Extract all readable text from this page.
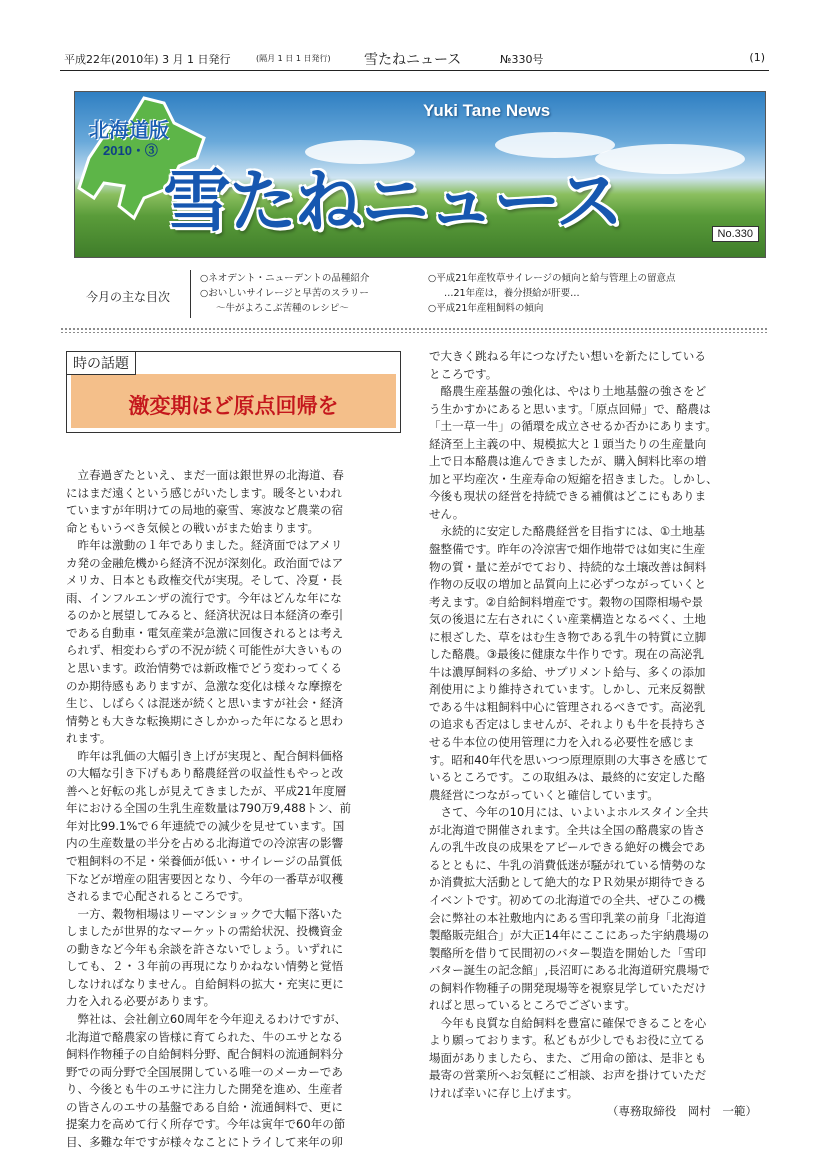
平成22年(2010年) 3 月 1 日発行	(隔月 1 日 1 日発行) 雪たねニュース	№330号	(1)
北海道版
2010・③
Yuki Tane News
雪たねニュース	No.330
今月の主な目次
○ネオデント・ニューデントの品種紹介
○おいしいサイレージと早苦のスラリー
〜牛がよろこぶ苦種のレシピ〜
○平成21年産牧草サイレージの傾向と給与管理上の留意点
…21年産は，養分摂給が肝要…
○平成21年産粗飼料の傾向
時の話題
激変期ほど原点回帰を

　立春過ぎたといえ、まだ一面は銀世界の北海道、春

にはまだ遠くという感じがいたします。暖冬といわれ

ていますが年明けての局地的豪雪、寒波など農業の宿

命ともいうべき気候との戦いがまた始まります。

　昨年は激動の１年でありました。経済面ではアメリ

カ発の金融危機から経済不況が深刻化。政治面ではア

メリカ、日本とも政権交代が実現。そして、冷夏・長

雨、インフルエンザの流行です。今年はどんな年にな

るのかと展望してみると、経済状況は日本経済の牽引

である自動車・電気産業が急激に回復されるとは考え

られず、相変わらずの不況が続く可能性が大きいもの

と思います。政治情勢では新政権でどう変わってくる

のか期待感もありますが、急激な変化は様々な摩擦を

生じ、しばらくは混迷が続くと思いますが社会・経済

情勢とも大きな転換期にさしかかった年になると思わ

れます。

　昨年は乳価の大幅引き上げが実現と、配合飼料価格

の大幅な引き下げもあり酪農経営の収益性もやっと改

善へと好転の兆しが見えてきましたが、平成21年度層

年における全国の生乳生産数量は790万9,488トン、前

年対比99.1%で６年連続での減少を見せています。国

内の生産数量の半分を占める北海道での冷涼害の影響

で粗飼料の不足・栄養価が低い・サイレージの品質低

下などが増産の阻害要因となり、今年の一番草が収穫

されるまで心配されるところです。

　一方、穀物相場はリーマンショックで大幅下落いた

しましたが世界的なマーケットの需給状況、投機資金

の動きなど今年も余談を許さないでしょう。いずれに

しても、２・３年前の再現になりかねない情勢と覚悟

しなければなりません。自給飼料の拡大・充実に更に

力を入れる必要があります。

　弊社は、会社創立60周年を今年迎えるわけですが、

北海道で酪農家の皆様に育てられた、牛のエサとなる

飼料作物種子の自給飼料分野、配合飼料の流通飼料分

野での両分野で全国展開している唯一のメーカーであ

り、今後とも牛のエサに注力した開発を進め、生産者

の皆さんのエサの基盤である自給・流通飼料で、更に

提案力を高めて行く所存です。今年は寅年で60年の節

目、多難な年ですが様々なことにトライして来年の卯

で大きく跳ねる年につなげたい想いを新たにしている

ところです。

　酪農生産基盤の強化は、やはり土地基盤の強さをど

う生かすかにあると思います。「原点回帰」で、酪農は

「土一草一牛」の循環を成立させるか否かにあります。

経済至上主義の中、規模拡大と１頭当たりの生産量向

上で日本酪農は進んできましたが、購入飼料比率の増

加と平均産次・生産寿命の短縮を招きました。しかし、

今後も現状の経営を持続できる補償はどこにもありま

せん。

　永続的に安定した酪農経営を目指すには、①土地基

盤整備です。昨年の冷涼害で畑作地帯では如実に生産

物の質・量に差がでており、持続的な土壌改善は飼料

作物の反収の増加と品質向上に必ずつながっていくと

考えます。②自給飼料増産です。穀物の国際相場や景

気の後退に左右されにくい産業構造となるべく、土地

に根ざした、草をはむ生き物である乳牛の特質に立脚

した酪農。③最後に健康な牛作りです。現在の高泌乳

牛は濃厚飼料の多給、サプリメント給与、多くの添加

剤使用により維持されています。しかし、元来反芻獣

である牛は粗飼料中心に管理されるべきです。高泌乳

の追求も否定はしませんが、それよりも牛を長持ちさ

せる牛本位の使用管理に力を入れる必要性を感じま

す。昭和40年代を思いつつ原理原則の大事さを感じて

いるところです。この取組みは、最終的に安定した酪

農経営につながっていくと確信しています。

　さて、今年の10月には、いよいよホルスタイン全共

が北海道で開催されます。全共は全国の酪農家の皆さ

んの乳牛改良の成果をアピールできる絶好の機会であ

るとともに、牛乳の消費低迷が騒がれている情勢のな

か消費拡大活動として絶大的なＰＲ効果が期待できる

イベントです。初めての北海道での全共、ぜひこの機

会に弊社の本社敷地内にある雪印乳業の前身「北海道

製酪販売組合」が大正14年にここにあった宇納農場の

製酪所を借りて民間初のバター製造を開始した「雪印

バター誕生の記念館」,長沼町にある北海道研究農場で

の飼料作物種子の開発現場等を視察見学していただけ

ればと思っているところでございます。

　今年も良質な自給飼料を豊富に確保できることを心

より願っております。私どもが少しでもお役に立てる

場面がありましたら、また、ご用命の節は、是非とも

最寄の営業所へお気軽にご相談、お声を掛けていただ

ければ幸いに存じ上げます。

（専務取締役　岡村　一範）
